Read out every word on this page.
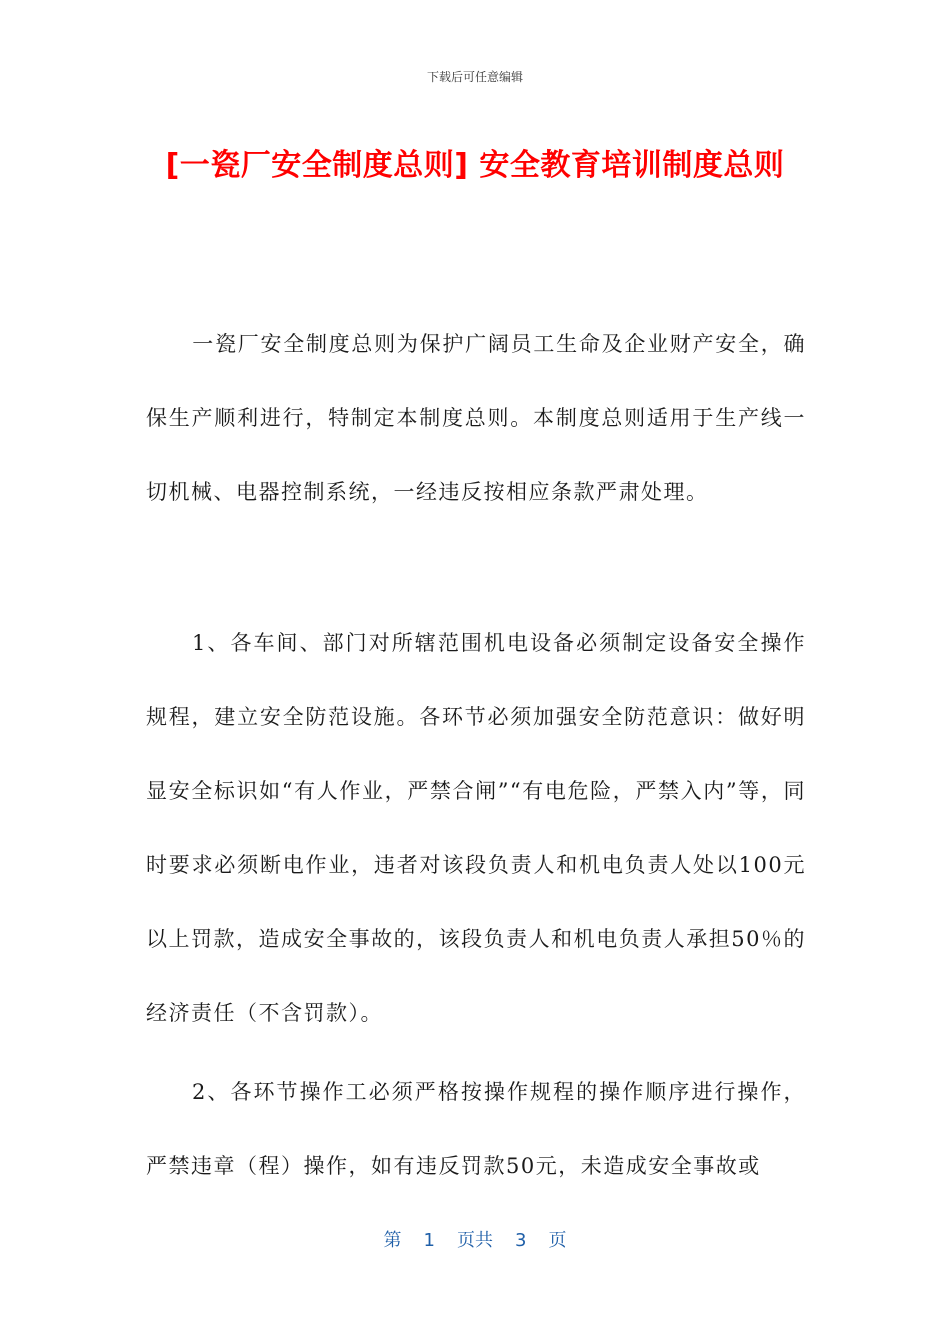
下载后可任意编辑
[一瓷厂安全制度总则] 安全教育培训制度总则
一瓷厂安全制度总则为保护广阔员工生命及企业财产安全，确保生产顺利进行，特制定本制度总则。本制度总则适用于生产线一切机械、电器控制系统，一经违反按相应条款严肃处理。
1、各车间、部门对所辖范围机电设备必须制定设备安全操作规程，建立安全防范设施。各环节必须加强安全防范意识：做好明显安全标识如“有人作业，严禁合闸”“有电危险，严禁入内”等，同时要求必须断电作业，违者对该段负责人和机电负责人处以100元以上罚款，造成安全事故的，该段负责人和机电负责人承担50％的经济责任（不含罚款）。
2、各环节操作工必须严格按操作规程的操作顺序进行操作，严禁违章（程）操作，如有违反罚款50元，未造成安全事故或
第 1 页共 3 页
